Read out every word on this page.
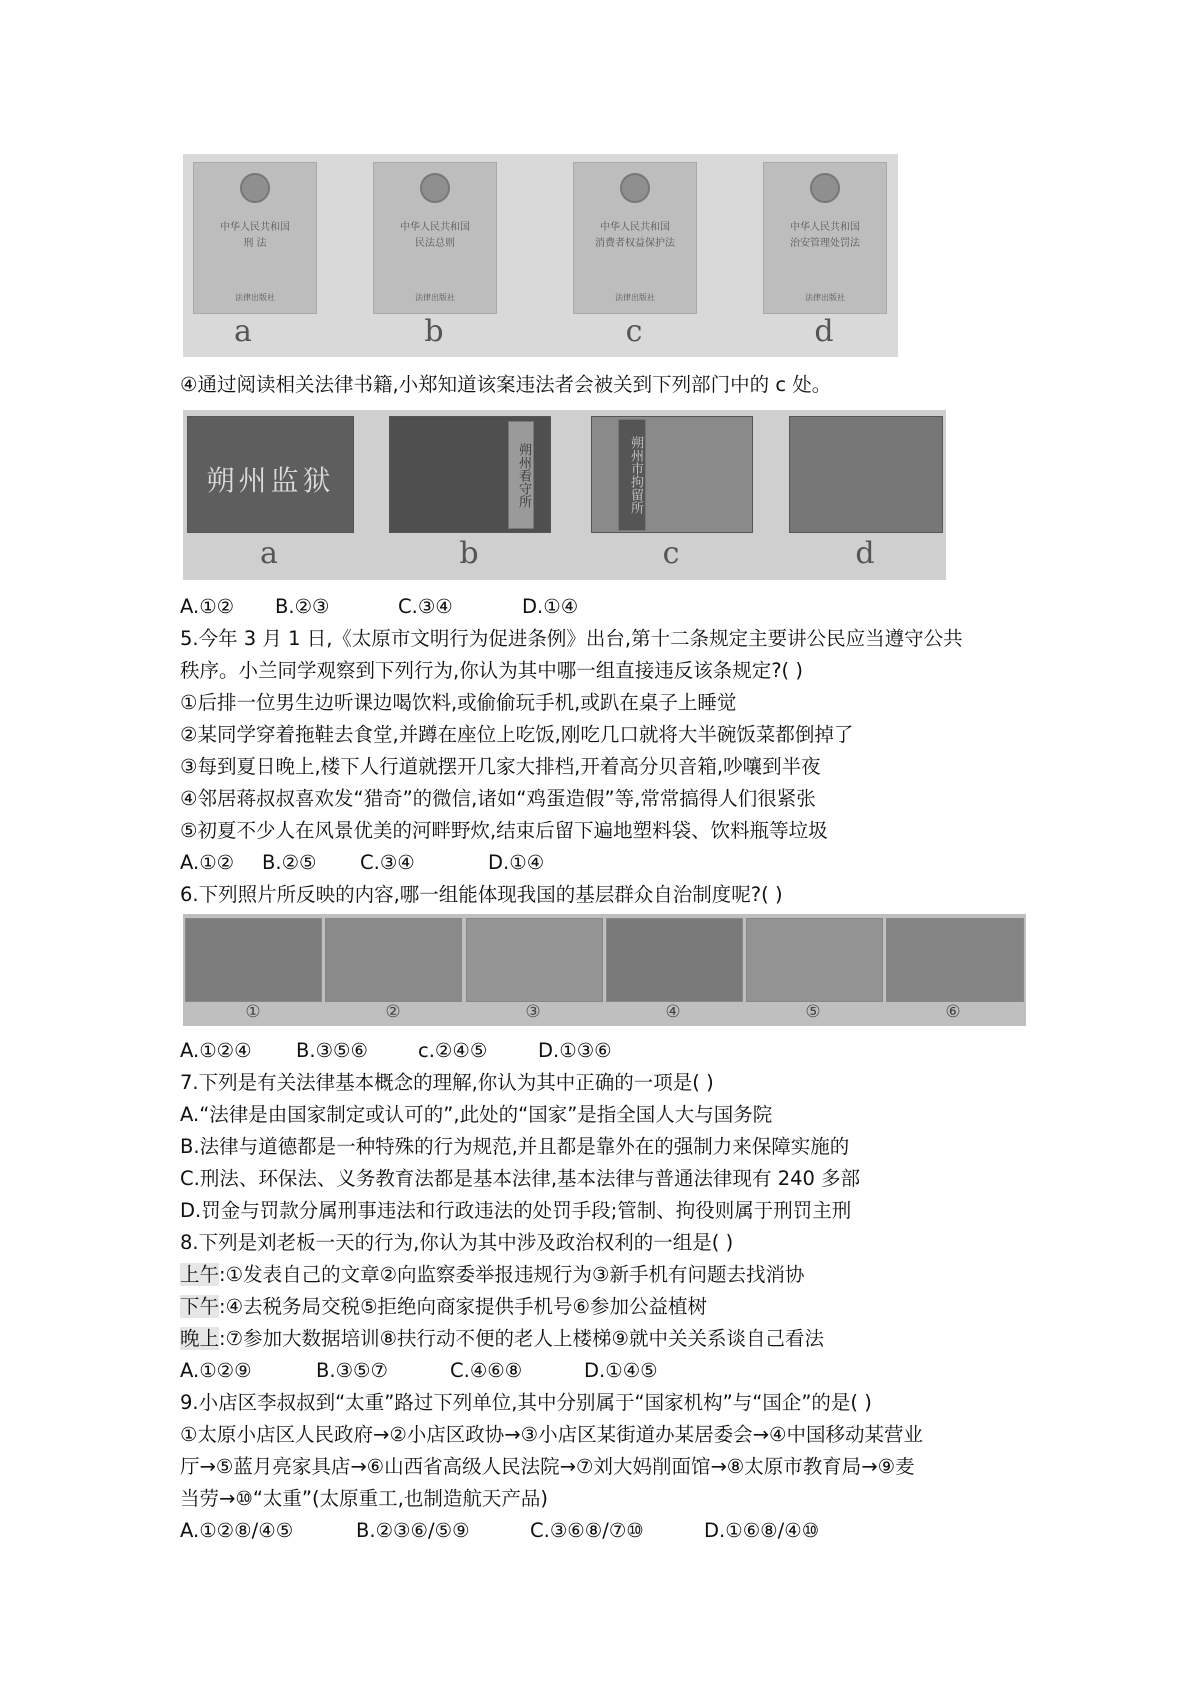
中华人民共和国
刑 法
法律出版社
中华人民共和国
民法总则
法律出版社
中华人民共和国
消费者权益保护法
法律出版社
中华人民共和国
治安管理处罚法
法律出版社
a	b	c	d
④通过阅读相关法律书籍,小郑知道该案违法者会被关到下列部门中的 c 处。
朔州监狱	朔州看守所	朔州市拘留所
a	b	c	d
A.①② B.②③	C.③④	D.①④
5.今年 3 月 1 日,《太原市文明行为促进条例》出台,第十二条规定主要讲公民应当遵守公共
秩序。小兰同学观察到下列行为,你认为其中哪一组直接违反该条规定?( )
①后排一位男生边听课边喝饮料,或偷偷玩手机,或趴在桌子上睡觉
②某同学穿着拖鞋去食堂,并蹲在座位上吃饭,刚吃几口就将大半碗饭菜都倒掉了
③每到夏日晚上,楼下人行道就摆开几家大排档,开着高分贝音箱,吵嚷到半夜
④邻居蒋叔叔喜欢发“猎奇”的微信,诸如“鸡蛋造假”等,常常搞得人们很紧张
⑤初夏不少人在风景优美的河畔野炊,结束后留下遍地塑料袋、饮料瓶等垃圾
A.①② B.②⑤ C.③④	D.①④
6.下列照片所反映的内容,哪一组能体现我国的基层群众自治制度呢?( )
①	②	③	④	⑤	⑥
A.①②④ B.③⑤⑥	c.②④⑤	D.①③⑥
7.下列是有关法律基本概念的理解,你认为其中正确的一项是( )
A.“法律是由国家制定或认可的”,此处的“国家”是指全国人大与国务院
B.法律与道德都是一种特殊的行为规范,并且都是靠外在的强制力来保障实施的
C.刑法、环保法、义务教育法都是基本法律,基本法律与普通法律现有 240 多部
D.罚金与罚款分属刑事违法和行政违法的处罚手段;管制、拘役则属于刑罚主刑
8.下列是刘老板一天的行为,你认为其中涉及政治权利的一组是( )
上午:①发表自己的文章②向监察委举报违规行为③新手机有问题去找消协
下午:④去税务局交税⑤拒绝向商家提供手机号⑥参加公益植树
晚上:⑦参加大数据培训⑧扶行动不便的老人上楼梯⑨就中关关系谈自己看法
A.①②⑨	B.③⑤⑦	C.④⑥⑧	D.①④⑤
9.小店区李叔叔到“太重”路过下列单位,其中分别属于“国家机构”与“国企”的是( )
①太原小店区人民政府→②小店区政协→③小店区某街道办某居委会→④中国移动某营业
厅→⑤蓝月亮家具店→⑥山西省高级人民法院→⑦刘大妈削面馆→⑧太原市教育局→⑨麦
当劳→⑩“太重”(太原重工,也制造航天产品)
A.①②⑧/④⑤	B.②③⑥/⑤⑨	C.③⑥⑧/⑦⑩	D.①⑥⑧/④⑩
